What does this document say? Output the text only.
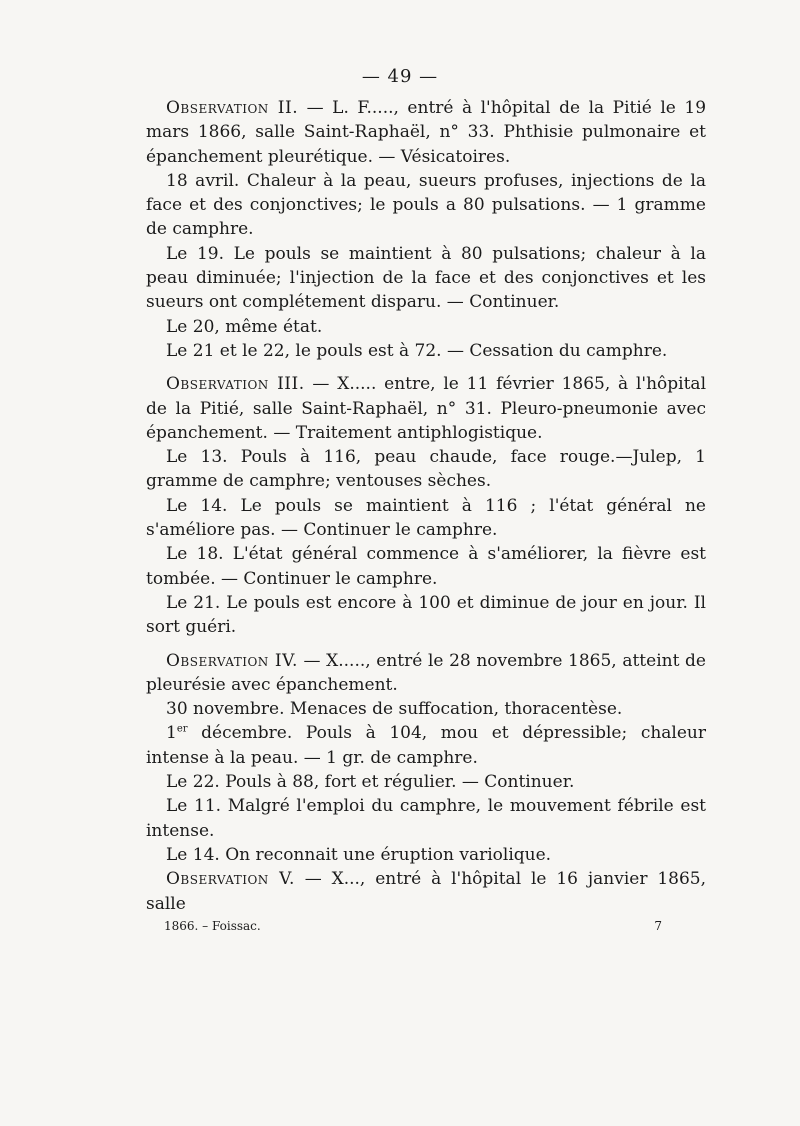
— 49 —

Observation II. — L. F....., entré à l'hôpital de la Pitié le 19 mars 1866, salle Saint-Raphaël, n° 33. Phthisie pulmonaire et épanchement pleurétique. — Vésicatoires.

18 avril. Chaleur à la peau, sueurs profuses, injections de la face et des conjonctives; le pouls a 80 pulsations. — 1 gramme de camphre.

Le 19. Le pouls se maintient à 80 pulsations; chaleur à la peau diminuée; l'injection de la face et des conjonctives et les sueurs ont complétement disparu. — Continuer.

Le 20, même état.

Le 21 et le 22, le pouls est à 72. — Cessation du camphre.

Observation III. — X..... entre, le 11 février 1865, à l'hôpital de la Pitié, salle Saint-Raphaël, n° 31. Pleuro-pneumonie avec épanchement. — Traitement antiphlogistique.

Le 13. Pouls à 116, peau chaude, face rouge.—Julep, 1 gramme de camphre; ventouses sèches.

Le 14. Le pouls se maintient à 116 ; l'état général ne s'améliore pas. — Continuer le camphre.

Le 18. L'état général commence à s'améliorer, la fièvre est tombée. — Continuer le camphre.

Le 21. Le pouls est encore à 100 et diminue de jour en jour. Il sort guéri.

Observation IV. — X....., entré le 28 novembre 1865, atteint de pleurésie avec épanchement.

30 novembre. Menaces de suffocation, thoracentèse.

1er décembre. Pouls à 104, mou et dépressible; chaleur intense à la peau. — 1 gr. de camphre.

Le 22. Pouls à 88, fort et régulier. — Continuer.

Le 11. Malgré l'emploi du camphre, le mouvement fébrile est intense.

Le 14. On reconnait une éruption variolique.

Observation V. — X..., entré à l'hôpital le 16 janvier 1865, salle

1866. – Foissac.	7
